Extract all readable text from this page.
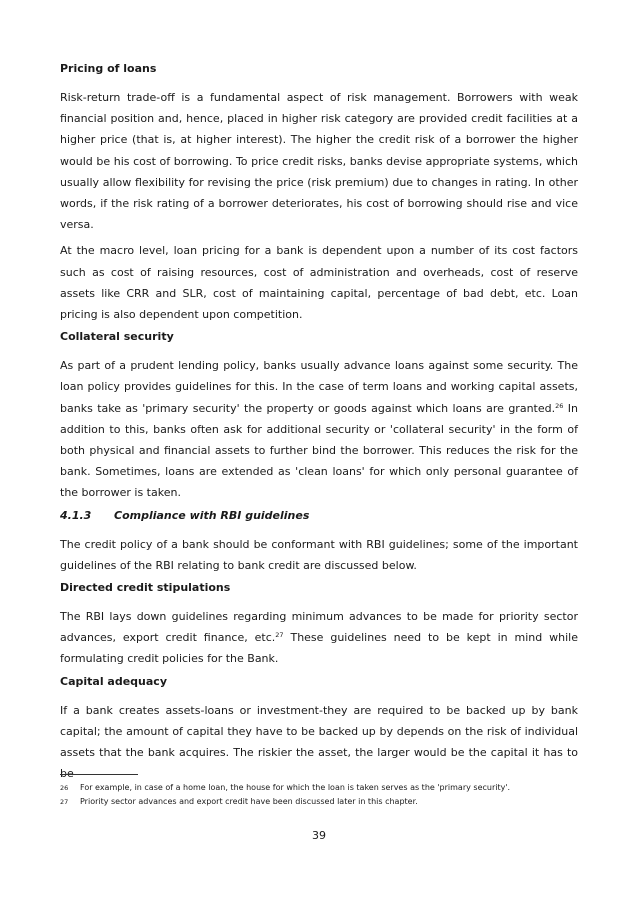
Pricing of loans

Risk-return trade-off is a fundamental aspect of risk management. Borrowers with weak financial position and, hence, placed in higher risk category are provided credit facilities at a higher price (that is, at higher interest). The higher the credit risk of a borrower the higher would be his cost of borrowing. To price credit risks, banks devise appropriate systems, which usually allow flexibility for revising the price (risk premium) due to changes in rating. In other words, if the risk rating of a borrower deteriorates, his cost of borrowing should rise and vice versa.

At the macro level, loan pricing for a bank is dependent upon a number of its cost factors such as cost of raising resources, cost of administration and overheads, cost of reserve assets like CRR and SLR, cost of maintaining capital, percentage of bad debt, etc. Loan pricing is also dependent upon competition.

Collateral security

As part of a prudent lending policy, banks usually advance loans against some security. The loan policy provides guidelines for this. In the case of term loans and working capital assets, banks take as 'primary security' the property or goods against which loans are granted.$^{26}$ In addition to this, banks often ask for additional security or 'collateral security' in the form of both physical and financial assets to further bind the borrower. This reduces the risk for the bank. Sometimes, loans are extended as 'clean loans' for which only personal guarantee of the borrower is taken.

4.1.3 Compliance with RBI guidelines

The credit policy of a bank should be conformant with RBI guidelines; some of the important guidelines of the RBI relating to bank credit are discussed below.

Directed credit stipulations

The RBI lays down guidelines regarding minimum advances to be made for priority sector advances, export credit finance, etc.$^{27}$ These guidelines need to be kept in mind while formulating credit policies for the Bank.

Capital adequacy

If a bank creates assets-loans or investment-they are required to be backed up by bank capital; the amount of capital they have to be backed up by depends on the risk of individual assets that the bank acquires. The riskier the asset, the larger would be the capital it has to be

26	For example, in case of a home loan, the house for which the loan is taken serves as the 'primary security'.
27	Priority sector advances and export credit have been discussed later in this chapter.
39
